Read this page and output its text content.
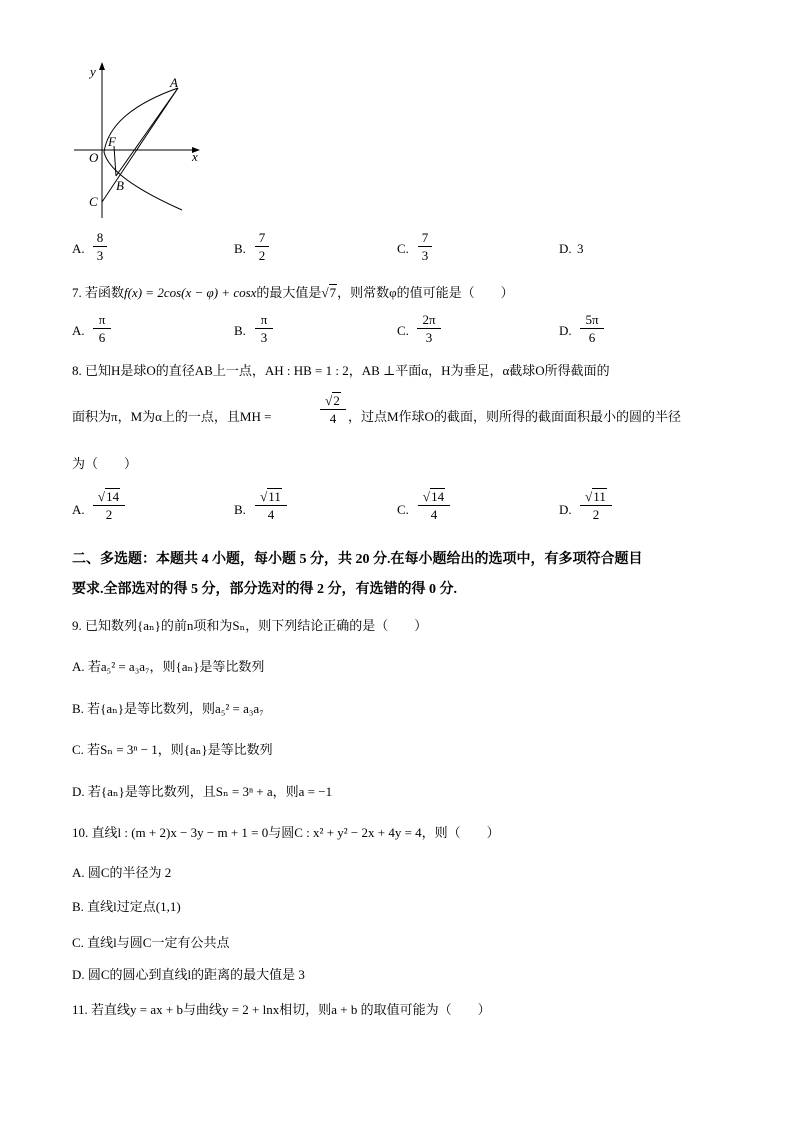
y
x
O
F
A
B
C
A.
8
3	B.
7
2	C.
7
3	D. 3
7. 若函数f(x) = 2cos(x − φ) + cosx的最大值是√7，则常数φ的值可能是（　　）
A.
π
6	B.
π
3	C.
2π
3	D.
5π
6
8. 已知H是球O的直径AB上一点，AH : HB = 1 : 2，AB ⊥平面α，H为垂足，α截球O所得截面的
面积为π，M为α上的一点，且MH =
√2
4 ，过点M作球O的截面，则所得的截面面积最小的圆的半径
为（　　）
A.
√14
2	B.
√11
4	C.
√14
4	D.
√11
2
二、多选题：本题共 4 小题，每小题 5 分，共 20 分.在每小题给出的选项中，有多项符合题目
要求.全部选对的得 5 分，部分选对的得 2 分，有选错的得 0 分.
9. 已知数列{aₙ}的前n项和为Sₙ，则下列结论正确的是（　　）
A. 若a₅² = a₃a₇，则{aₙ}是等比数列
B. 若{aₙ}是等比数列，则a₅² = a₃a₇
C. 若Sₙ = 3ⁿ − 1，则{aₙ}是等比数列
D. 若{aₙ}是等比数列，且Sₙ = 3ⁿ + a，则a = −1
10. 直线l : (m + 2)x − 3y − m + 1 = 0与圆C : x² + y² − 2x + 4y = 4，则（　　）
A. 圆C的半径为 2
B. 直线l过定点(1,1)
C. 直线l与圆C一定有公共点
D. 圆C的圆心到直线l的距离的最大值是 3
11. 若直线y = ax + b与曲线y = 2 + lnx相切，则a + b 的取值可能为（　　）
